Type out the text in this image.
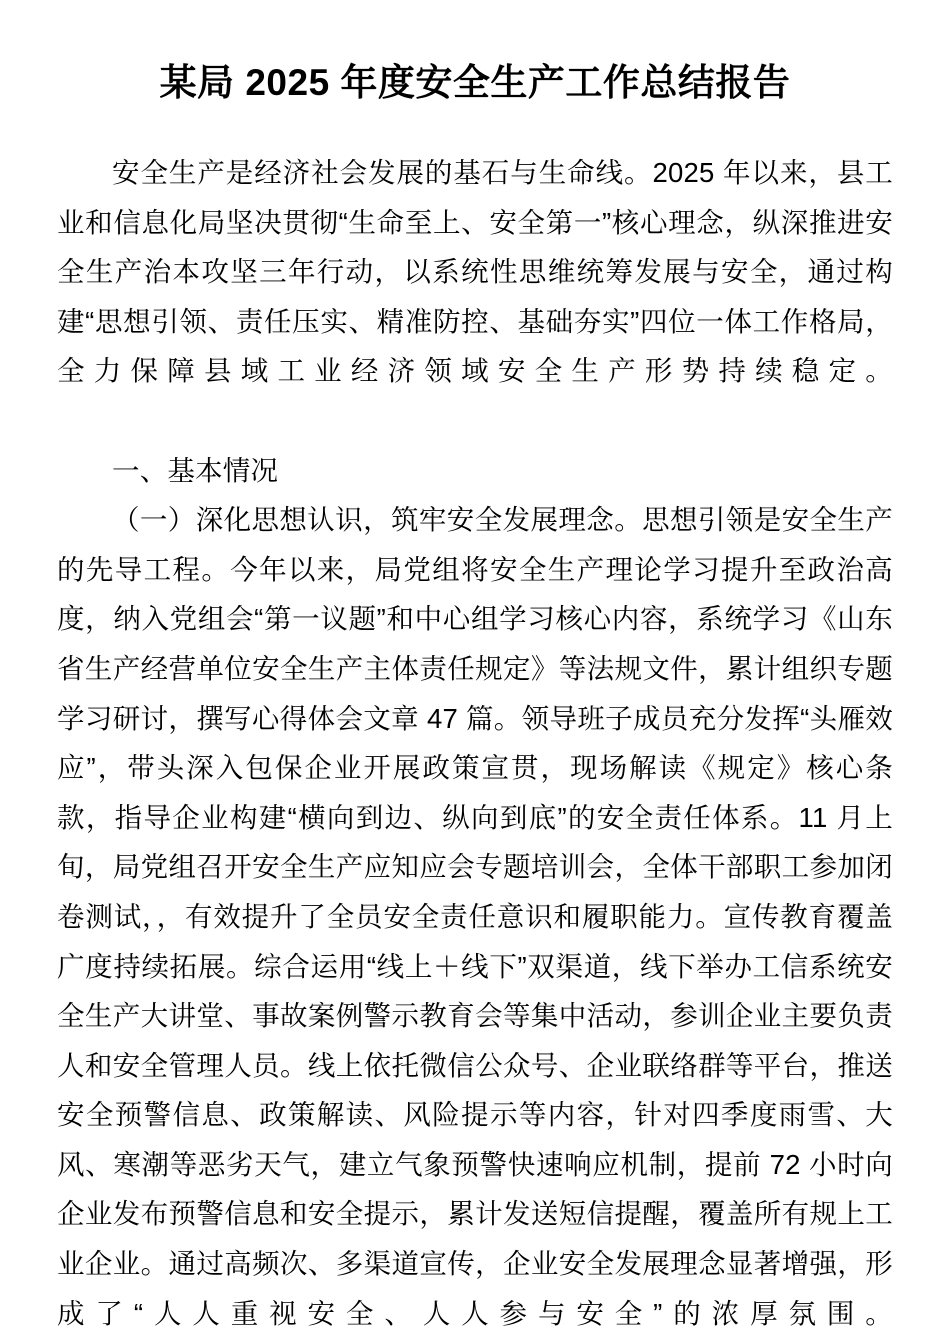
某局 2025 年度安全生产工作总结报告

安全生产是经济社会发展的基石与生命线。2025 年以来，县工业和信息化局坚决贯彻“生命至上、安全第一”核心理念，纵深推进安全生产治本攻坚三年行动，以系统性思维统筹发展与安全，通过构建“思想引领、责任压实、精准防控、基础夯实”四位一体工作格局，全力保障县域工业经济领域安全生产形势持续稳定。

一、基本情况

（一）深化思想认识，筑牢安全发展理念。思想引领是安全生产的先导工程。今年以来，局党组将安全生产理论学习提升至政治高度，纳入党组会“第一议题”和中心组学习核心内容，系统学习《山东省生产经营单位安全生产主体责任规定》等法规文件，累计组织专题学习研讨，撰写心得体会文章 47 篇。领导班子成员充分发挥“头雁效应”，带头深入包保企业开展政策宣贯，现场解读《规定》核心条款，指导企业构建“横向到边、纵向到底”的安全责任体系。11 月上旬，局党组召开安全生产应知应会专题培训会，全体干部职工参加闭卷测试，，有效提升了全员安全责任意识和履职能力。宣传教育覆盖广度持续拓展。综合运用“线上＋线下”双渠道，线下举办工信系统安全生产大讲堂、事故案例警示教育会等集中活动，参训企业主要负责人和安全管理人员。线上依托微信公众号、企业联络群等平台，推送安全预警信息、政策解读、风险提示等内容，针对四季度雨雪、大风、寒潮等恶劣天气，建立气象预警快速响应机制，提前 72 小时向企业发布预警信息和安全提示，累计发送短信提醒，覆盖所有规上工业企业。通过高频次、多渠道宣传，企业安全发展理念显著增强，形成了“人人重视安全、人人参与安全”的浓厚氛围。
